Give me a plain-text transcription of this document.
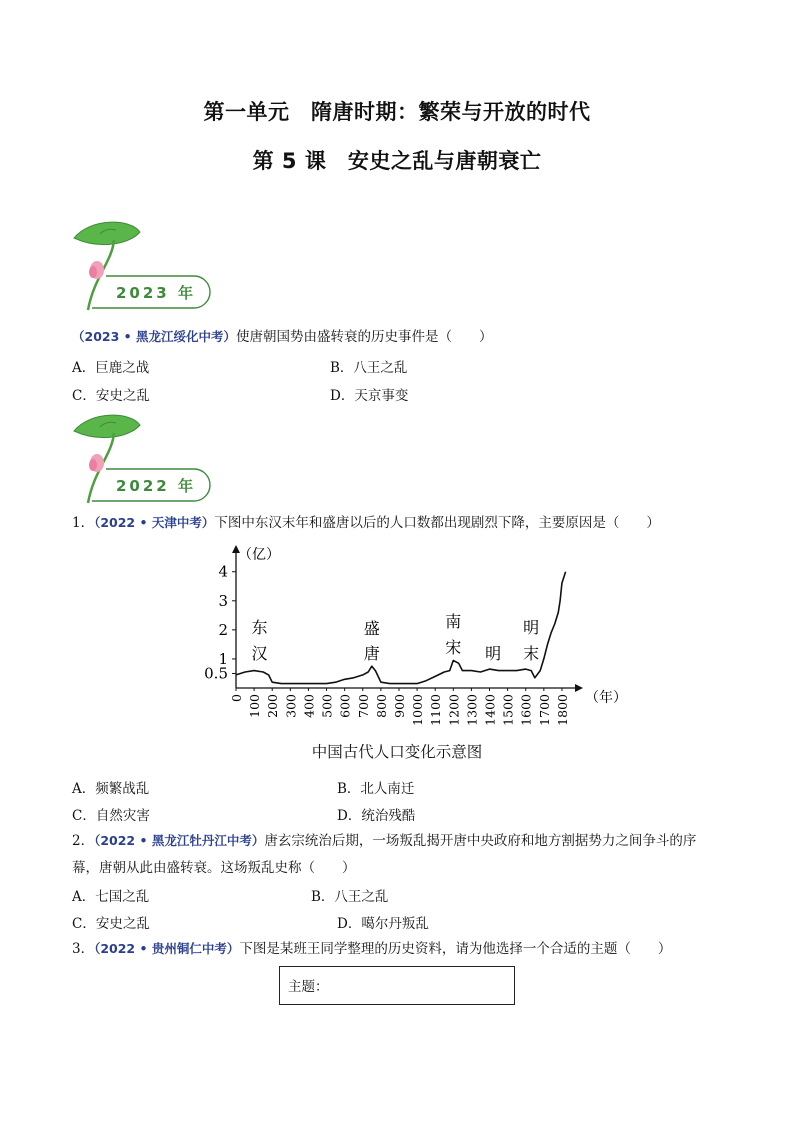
第一单元　隋唐时期：繁荣与开放的时代
第 5 课　安史之乱与唐朝衰亡
2023 年
（2023 • 黑龙江绥化中考）使唐朝国势由盛转衰的历史事件是（　　）
A．巨鹿之战	B．八王之乱
C．安史之乱	D．天京事变
2022 年
1．（2022 • 天津中考）下图中东汉末年和盛唐以后的人口数都出现剧烈下降，主要原因是（　　）
（亿）
（年）
0.5
1
2
3
4
0 100 200 300 400 500 600 700 800 900 1000 1100 1200 1300 1400 1500 1600 1700 1800
东
汉
盛
唐
南
宋 明
明
末
中国古代人口变化示意图
A．频繁战乱	B．北人南迁
C．自然灾害	D．统治残酷
2．（2022 • 黑龙江牡丹江中考）唐玄宗统治后期，一场叛乱揭开唐中央政府和地方割据势力之间争斗的序
幕，唐朝从此由盛转衰。这场叛乱史称（　　）
A．七国之乱	B．八王之乱
C．安史之乱	D．噶尔丹叛乱
3．（2022 • 贵州铜仁中考）下图是某班王同学整理的历史资料，请为他选择一个合适的主题（　　）
主题：
